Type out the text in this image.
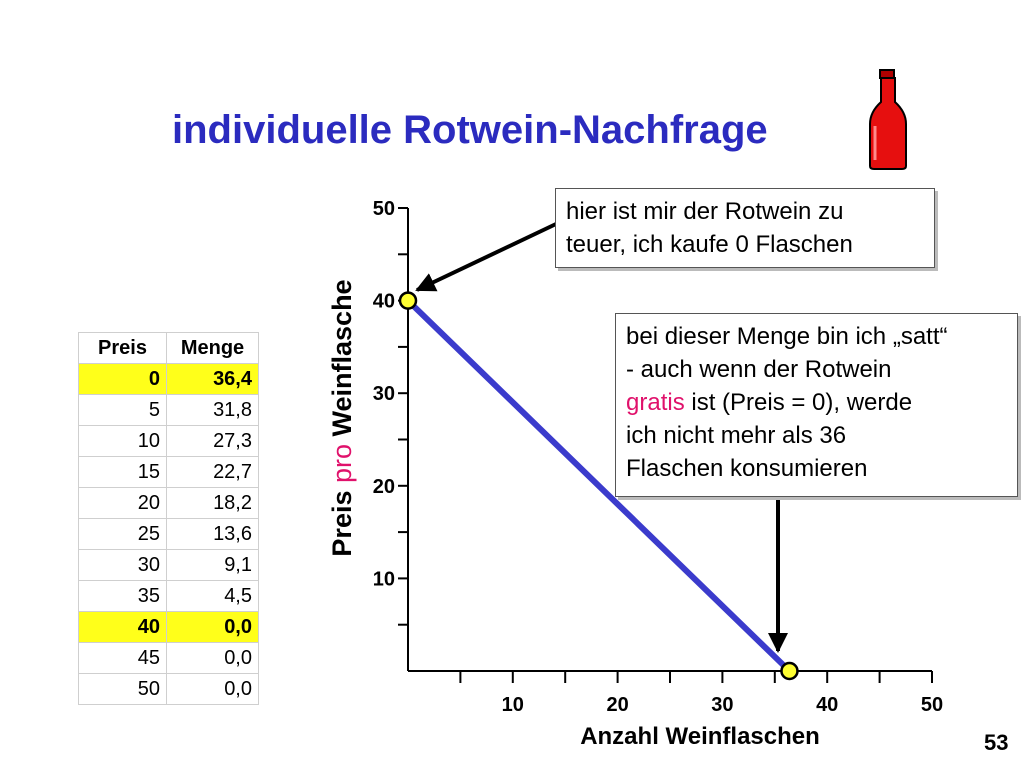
individuelle Rotwein-Nachfrage
Preis	Menge
0	36,4
5	31,8
10	27,3
15	22,7
20	18,2
25	13,6
30	9,1
35	4,5
40	0,0
45	0,0
50	0,0
10	20	30	40	50
10
20
30
40
50
Anzahl Weinflaschen
Preis pro Weinflasche
hier ist mir der Rotwein zu
teuer, ich kaufe 0 Flaschen
bei dieser Menge bin ich „satt“
- auch wenn der Rotwein
gratis ist (Preis = 0), werde
ich nicht mehr als 36
Flaschen konsumieren
53
